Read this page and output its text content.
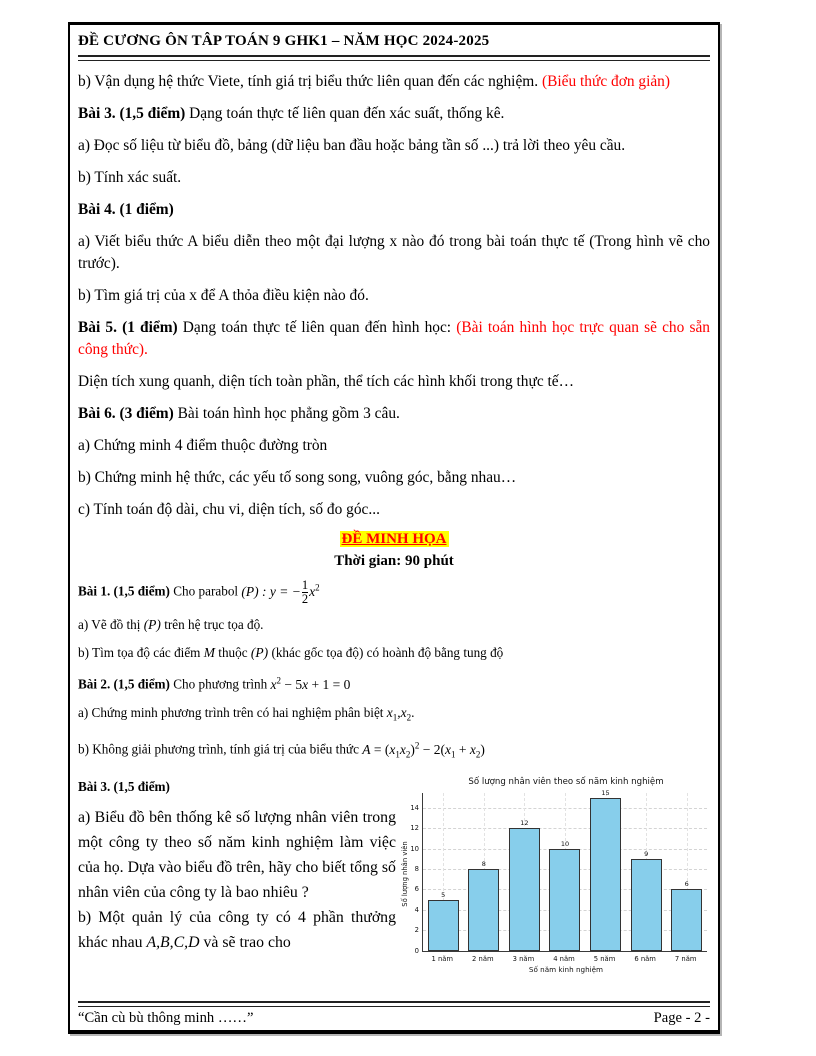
ĐỀ CƯƠNG ÔN TÂP TOÁN 9 GHK1 – NĂM HỌC 2024-2025

b) Vận dụng hệ thức Viete, tính giá trị biểu thức liên quan đến các nghiệm. (Biểu thức đơn giản)

Bài 3. (1,5 điểm) Dạng toán thực tế liên quan đến xác suất, thống kê.

a) Đọc số liệu từ biểu đồ, bảng (dữ liệu ban đầu hoặc bảng tần số ...) trả lời theo yêu cầu.

b) Tính xác suất.

Bài 4. (1 điểm)

a) Viết biểu thức A biểu diễn theo một đại lượng x nào đó trong bài toán thực tế (Trong hình vẽ cho trước).

b) Tìm giá trị của x để A thỏa điều kiện nào đó.

Bài 5. (1 điểm) Dạng toán thực tế liên quan đến hình học: (Bài toán hình học trực quan sẽ cho sẵn công thức).

Diện tích xung quanh, diện tích toàn phần, thể tích các hình khối trong thực tế…

Bài 6. (3 điểm) Bài toán hình học phẳng gồm 3 câu.

a) Chứng minh 4 điểm thuộc đường tròn

b) Chứng minh hệ thức, các yếu tố song song, vuông góc, bằng nhau…

c) Tính toán độ dài, chu vi, diện tích, số đo góc...

ĐỀ MINH HỌA
Thời gian: 90 phút

Bài 1. (1,5 điểm) Cho parabol (P) : y = − $\frac{1}{2} x^2$

a) Vẽ đồ thị (P) trên hệ trục tọa độ.

b) Tìm tọa độ các điểm M thuộc (P) (khác gốc tọa độ) có hoành độ bằng tung độ

Bài 2. (1,5 điểm) Cho phương trình $x^2 - 5x + 1 = 0$

a) Chứng minh phương trình trên có hai nghiệm phân biệt $x_1,x_2$.

b) Không giải phương trình, tính giá trị của biểu thức $A = (x_1x_2)^2 - 2(x_1 + x_2)$

Bài 3. (1,5 điểm)

a) Biểu đồ bên thống kê số lượng nhân viên trong một công ty theo số năm kinh nghiệm làm việc của họ. Dựa vào biểu đồ trên, hãy cho biết tổng số nhân viên của công ty là bao nhiêu ?

b) Một quản lý của công ty có 4 phần thưởng khác nhau A,B,C,D và sẽ trao cho

Số lượng nhân viên theo số năm kinh nghiệm
Số lượng nhân viên
0
2
4
6
8
10
12
14
5
8
12
10
15
9
6
1 năm	2 năm	3 năm	4 năm	5 năm	6 năm	7 năm
Số năm kinh nghiệm
“Cần cù bù thông minh ……”	Page - 2 -
